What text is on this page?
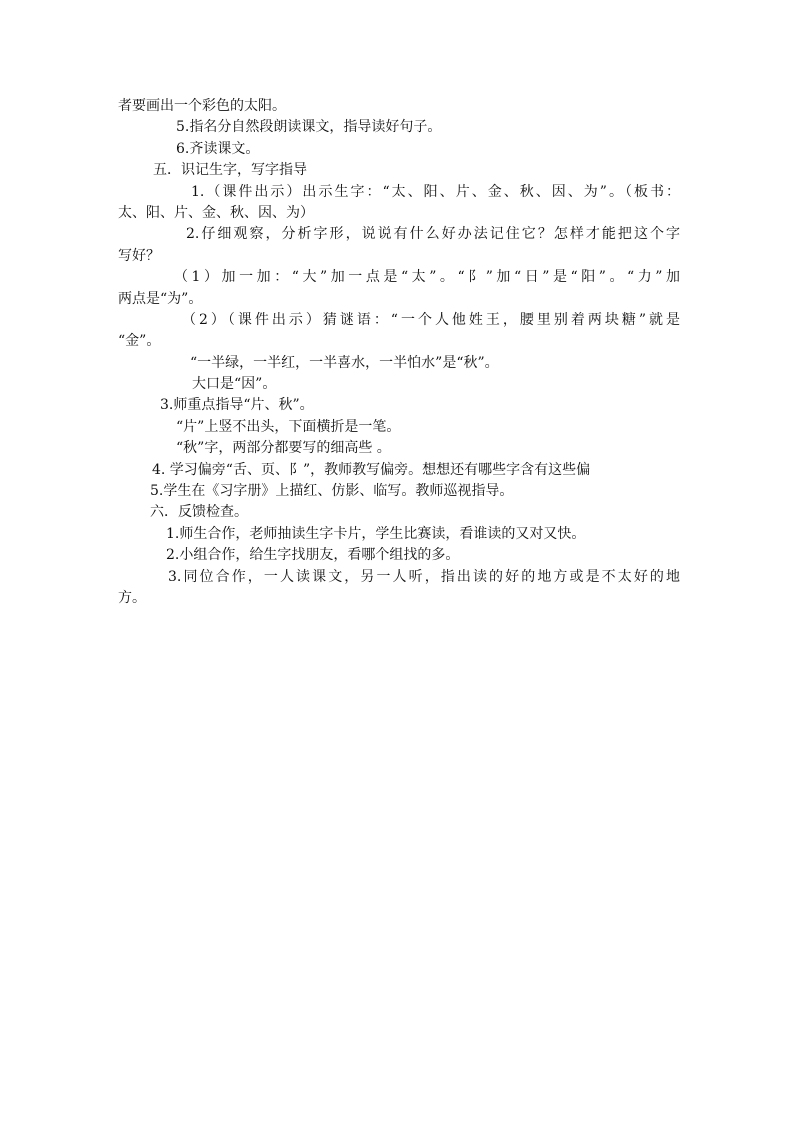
者要画出一个彩色的太阳。
5.指名分自然段朗读课文，指导读好句子。
6.齐读课文。
五．识记生字，写字指导
1.（课件出示）出示生字：“太、阳、片、金、秋、因、为”。（板书：
太、阳、片、金、秋、因、为）
2.仔细观察，分析字形，说说有什么好办法记住它？怎样才能把这个字
写好？
（1）加一加：“大”加一点是“太”。“阝”加“日”是“阳”。“力”加
两点是“为”。
（2）（课件出示）猜谜语：“一个人他姓王，腰里别着两块糖”就是
“金”。
“一半绿，一半红，一半喜水，一半怕水”是“秋”。
大口是“因”。
3.师重点指导“片、秋”。
“片”上竖不出头，下面横折是一笔。
“秋”字，两部分都要写的细高些 。
4. 学习偏旁“舌、页、阝”，教师教写偏旁。想想还有哪些字含有这些偏
5.学生在《习字册》上描红、仿影、临写。教师巡视指导。
六．反馈检查。
1.师生合作，老师抽读生字卡片，学生比赛读，看谁读的又对又快。
2.小组合作，给生字找朋友，看哪个组找的多。
3.同位合作，一人读课文，另一人听，指出读的好的地方或是不太好的地
方。
